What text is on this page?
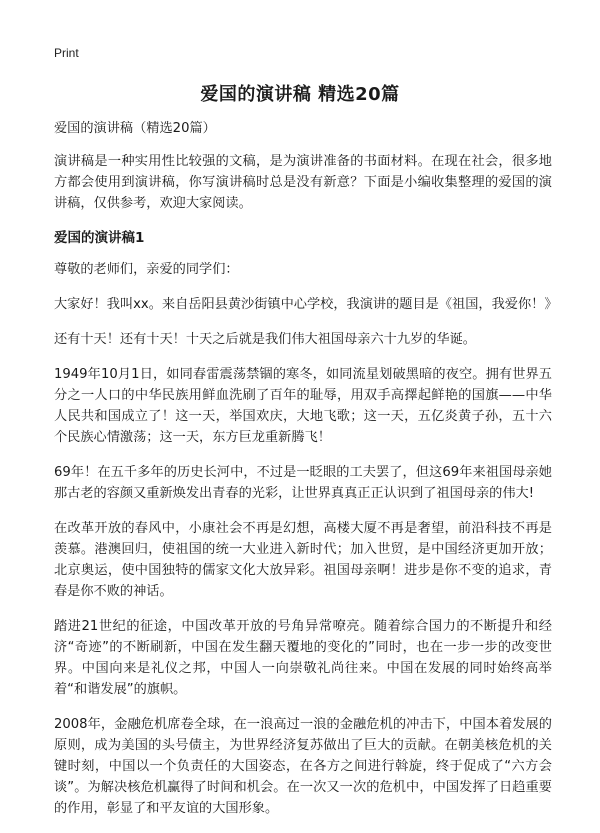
Print
爱国的演讲稿 精选20篇

爱国的演讲稿（精选20篇）

演讲稿是一种实用性比较强的文稿，是为演讲准备的书面材料。在现在社会，很多地方都会使用到演讲稿，你写演讲稿时总是没有新意？下面是小编收集整理的爱国的演讲稿，仅供参考，欢迎大家阅读。

爱国的演讲稿1

尊敬的老师们，亲爱的同学们：

大家好！我叫xx。来自岳阳县黄沙街镇中心学校，我演讲的题目是《祖国，我爱你！》

还有十天！还有十天！十天之后就是我们伟大祖国母亲六十九岁的华诞。

1949年10月1日，如同春雷震荡禁锢的寒冬，如同流星划破黑暗的夜空。拥有世界五分之一人口的中华民族用鲜血洗刷了百年的耻辱，用双手高擇起鲜艳的国旗——中华人民共和国成立了！这一天，举国欢庆，大地飞歌；这一天，五亿炎黄子孙，五十六个民族心情激荡；这一天，东方巨龙重新腾飞！

69年！在五千多年的历史长河中，不过是一眨眼的工夫罢了，但这69年来祖国母亲她那古老的容颜又重新焕发出青春的光彩，让世界真真正正认识到了祖国母亲的伟大!

在改革开放的春风中，小康社会不再是幻想，高楼大厦不再是奢望，前沿科技不再是羡慕。港澳回归，使祖国的统一大业进入新时代；加入世贸，是中国经济更加开放；北京奥运，使中国独特的儒家文化大放异彩。祖国母亲啊！进步是你不变的追求，青春是你不败的神话。

踏进21世纪的征途，中国改革开放的号角异常嘹亮。随着综合国力的不断提升和经济“奇迹”的不断刷新，中国在发生翻天覆地的变化的”同时，也在一步一步的改变世界。中国向来是礼仪之邦，中国人一向崇敬礼尚往来。中国在发展的同时始终高举着“和谐发展”的旗帜。

2008年，金融危机席卷全球，在一浪高过一浪的金融危机的冲击下，中国本着发展的原则，成为美国的头号债主，为世界经济复苏做出了巨大的贡献。在朝美核危机的关键时刻，中国以一个负责任的大国姿态，在各方之间进行斡旋，终于促成了“六方会谈”。为解决核危机赢得了时间和机会。在一次又一次的危机中，中国发挥了日趋重要的作用，彰显了和平友谊的大国形象。
